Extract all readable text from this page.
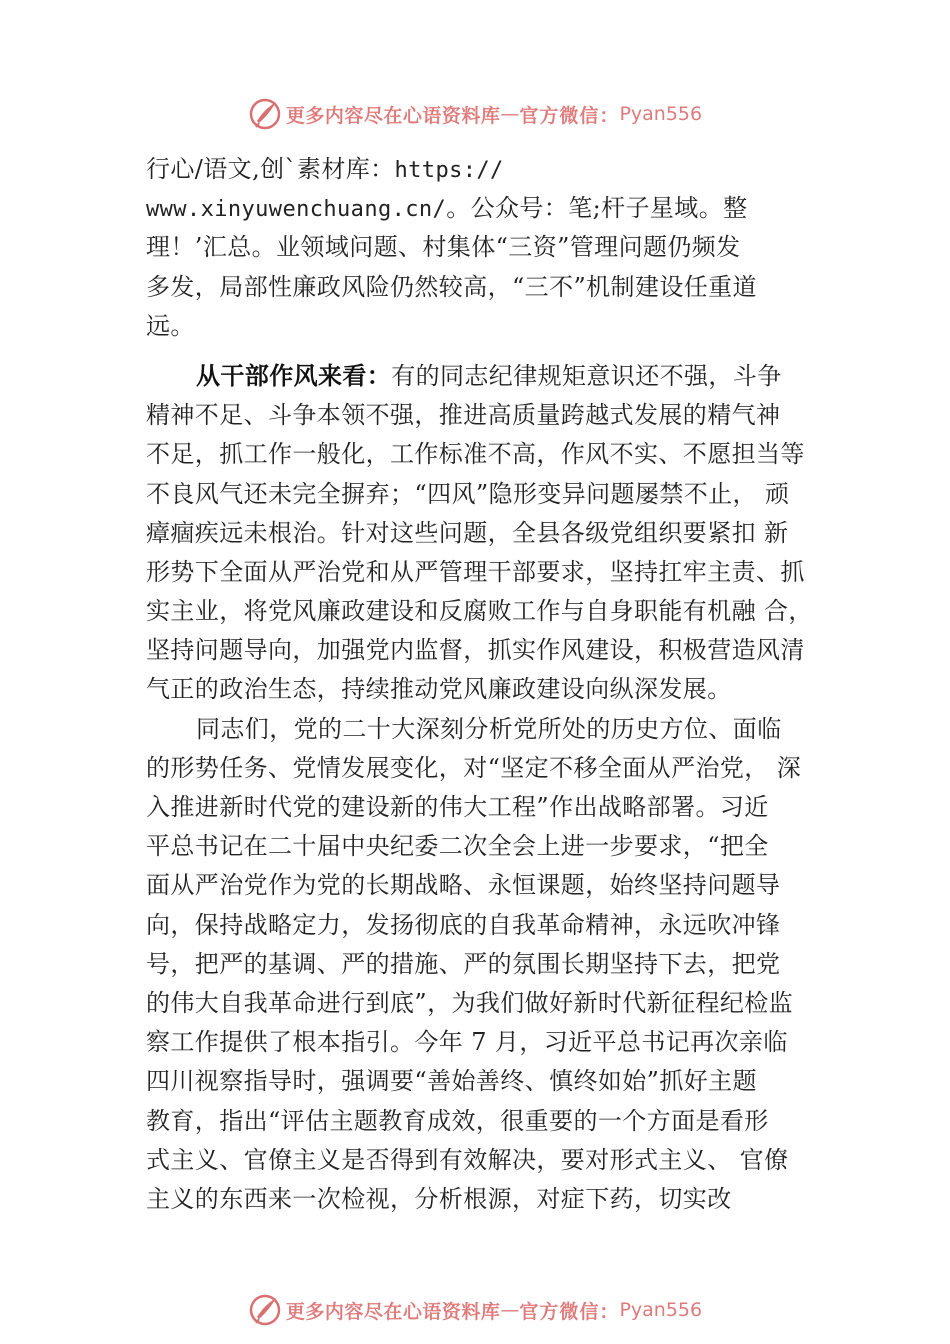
更多内容尽在心语资料库 — 官方微信： Pyan556
行心/语文,创`素材库：https://
www.xinyuwenchuang.cn/。公众号：笔;杆子星域。整
理！’汇总。业领域问题、村集体“三资”管理问题仍频发
多发，局部性廉政风险仍然较高，“三不”机制建设任重道
远。
从干部作风来看：有的同志纪律规矩意识还不强，斗争
精神不足、斗争本领不强，推进高质量跨越式发展的精气神
不足，抓工作一般化，工作标准不高，作风不实、不愿担当等
不良风气还未完全摒弃；“四风”隐形变异问题屡禁不止， 顽
瘴痼疾远未根治。针对这些问题，全县各级党组织要紧扣 新
形势下全面从严治党和从严管理干部要求，坚持扛牢主责、抓
实主业，将党风廉政建设和反腐败工作与自身职能有机融 合，
坚持问题导向，加强党内监督，抓实作风建设，积极营造风清
气正的政治生态，持续推动党风廉政建设向纵深发展。
同志们，党的二十大深刻分析党所处的历史方位、面临
的形势任务、党情发展变化，对“坚定不移全面从严治党， 深
入推进新时代党的建设新的伟大工程”作出战略部署。习近
平总书记在二十届中央纪委二次全会上进一步要求，“把全
面从严治党作为党的长期战略、永恒课题，始终坚持问题导
向，保持战略定力，发扬彻底的自我革命精神，永远吹冲锋
号，把严的基调、严的措施、严的氛围长期坚持下去，把党
的伟大自我革命进行到底”，为我们做好新时代新征程纪检监
察工作提供了根本指引。今年 7 月，习近平总书记再次亲临
四川视察指导时，强调要“善始善终、慎终如始”抓好主题
教育，指出“评估主题教育成效，很重要的一个方面是看形
式主义、官僚主义是否得到有效解决，要对形式主义、 官僚
主义的东西来一次检视，分析根源，对症下药，切实改
更多内容尽在心语资料库 — 官方微信： Pyan556
